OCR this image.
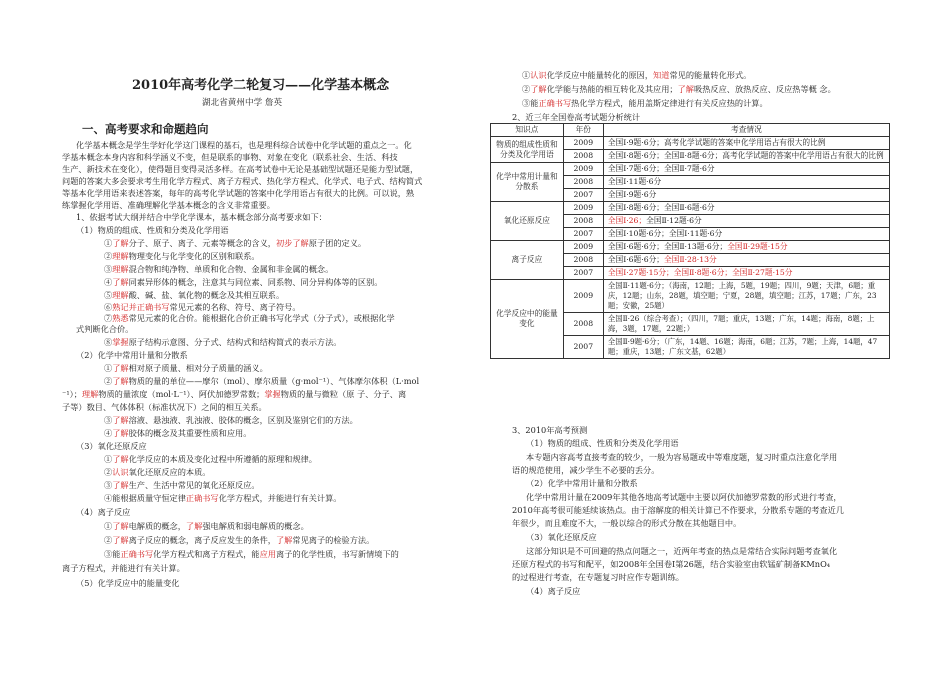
2010年高考化学二轮复习——化学基本概念
湖北省黄州中学 詹英
一、高考要求和命题趋向
化学基本概念是学生学好化学这门课程的基石，也是理科综合试卷中化学试题的重点之一。化
学基本概念本身内容和科学涵义不变，但是联系的事物、对象在变化（联系社会、生活、科技
生产、新技术在变化），使得题目变得灵活多样。在高考试卷中无论是基础型试题还是能力型试题，
问题的答案大多会要求考生用化学方程式、离子方程式、热化学方程式、化学式、电子式、结构简式
等基本化学用语来表述答案，每年的高考化学试题的答案中化学用语占有很大的比例。可以说，熟
练掌握化学用语、准确理解化学基本概念的含义非常重要。
1、依据考试大纲并结合中学化学课本，基本概念部分高考要求如下：
（1）物质的组成、性质和分类及化学用语
①了解分子、原子、离子、元素等概念的含义，初步了解原子团的定义。
②理解物理变化与化学变化的区别和联系。
③理解混合物和纯净物、单质和化合物、金属和非金属的概念。
④了解同素异形体的概念，注意其与同位素、同系物、同分异构体等的区别。
⑤理解酸、碱、盐、氧化物的概念及其相互联系。
⑥熟记并正确书写常见元素的名称、符号、离子符号。
⑦熟悉常见元素的化合价。能根据化合价正确书写化学式（分子式），或根据化学
式判断化合价。
⑧掌握原子结构示意图、分子式、结构式和结构简式的表示方法。
（2）化学中常用计量和分散系
①了解相对原子质量、相对分子质量的涵义。
②了解物质的量的单位——摩尔（mol）、摩尔质量（g·mol⁻¹）、气体摩尔体积（L·mol
⁻¹）；理解物质的量浓度（mol·L⁻¹）、阿伏加德罗常数；掌握物质的量与微粒（原 子、分子、离
子等）数目、气体体积（标准状况下）之间的相互关系。
③了解溶液、悬浊液、乳浊液、胶体的概念，区别及鉴别它们的方法。
④了解胶体的概念及其重要性质和应用。
（3）氧化还原反应
①了解化学反应的本质及变化过程中所遵循的原理和规律。
②认识氧化还原反应的本质。
③了解生产、生活中常见的氧化还原反应。
④能根据质量守恒定律正确书写化学方程式，并能进行有关计算。
（4）离子反应
①了解电解质的概念，了解强电解质和弱电解质的概念。
②了解离子反应的概念，离子反应发生的条件，了解常见离子的检验方法。
③能正确书写化学方程式和离子方程式，能应用离子的化学性质，书写新情境下的
离子方程式，并能进行有关计算。
（5）化学反应中的能量变化
①认识化学反应中能量转化的原因，知道常见的能量转化形式。
②了解化学能与热能的相互转化及其应用；了解吸热反应、放热反应、反应热等概 念。
③能正确书写热化学方程式，能用盖斯定律进行有关反应热的计算。
2、近三年全国卷高考试题分析统计
知识点	年份	考查情况
物质的组成性质和分类及化学用语	2009	全国Ⅰ·9题·6分；高考化学试题的答案中化学用语占有很大的比例
	2008	全国Ⅰ·8题·6分；全国Ⅱ·8题·6分；高考化学试题的答案中化学用语占有很大的比例
化学中常用计量和分散系	2009	全国Ⅰ·7题·6分；全国Ⅱ·7题·6分
	2008	全国Ⅰ·11题·6分
	2007	全国Ⅰ·9题·6分
氧化还原反应	2009	全国Ⅰ·8题·6分；全国Ⅱ·6题·6分
	2008	全国Ⅰ·26；全国Ⅱ·12题·6分
	2007	全国Ⅰ·10题·6分；全国Ⅰ·11题·6分
离子反应	2009	全国Ⅰ·6题·6分；全国Ⅱ·13题·6分；全国Ⅱ·29题·15分
	2008	全国Ⅰ·6题·6分；全国Ⅱ·28·13分
	2007	全国Ⅰ·27题·15分；全国Ⅱ·8题·6分；全国Ⅱ·27题·15分
化学反应中的能量变化	2009	全国Ⅱ·11题·6分；（海南，12题；上海，5题，19题；四川，9题；天津，6题；重庆，12题；山东，28题，填空题；宁夏，28题，填空题；江苏，17题；广东，23题；安徽，25题）
	2008	全国Ⅱ·26（综合考查）；（四川，7题；重庆，13题；广东，14题；海南，8题；上海，3题，17题，22题；）
	2007	全国Ⅱ·9题·6分；（广东，14题、16题；海南，6题；江苏，7题；上海，14题，47题；重庆，13题；广东文基，62题）
3、2010年高考预测
（1）物质的组成、性质和分类及化学用语
本专题内容高考直接考查的较少，一般为容易题或中等难度题，复习时重点注意化学用
语的规范使用，减少学生不必要的丢分。
（2）化学中常用计量和分散系
化学中常用计量在2009年其他各地高考试题中主要以阿伏加德罗常数的形式进行考查，
2010年高考很可能延续该热点。由于溶解度的相关计算已不作要求，分散系专题的考查近几
年很少，而且难度不大，一般以综合的形式分散在其他题目中。
（3）氧化还原反应
这部分知识是不可回避的热点问题之一，近两年考查的热点是常结合实际问题考查氧化
还原方程式的书写和配平，如2008年全国卷Ⅰ第26题，结合实验室由软锰矿制备KMnO₄
的过程进行考查，在专题复习时应作专题训练。
（4）离子反应
